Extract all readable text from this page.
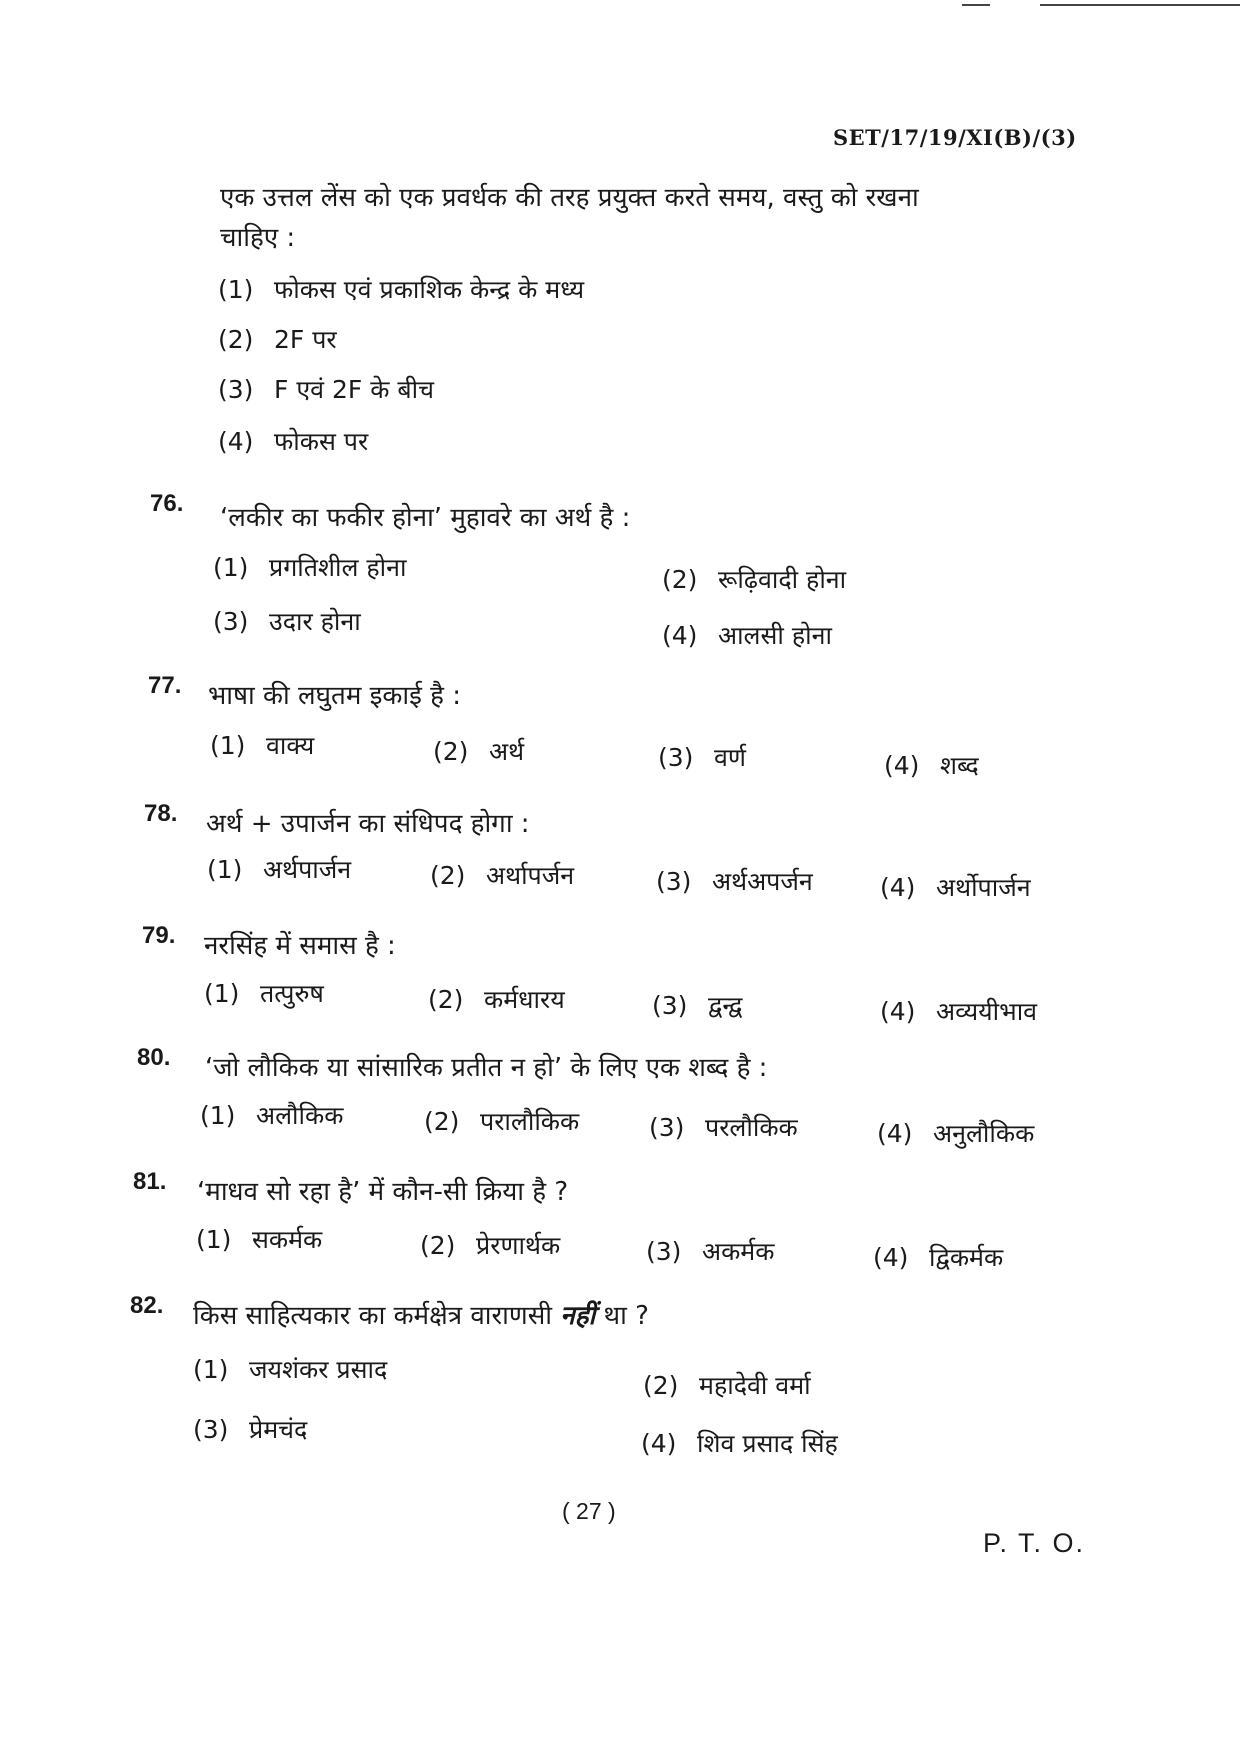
SET/17/19/XI(B)/(3)
एक उत्तल लेंस को एक प्रवर्धक की तरह प्रयुक्त करते समय, वस्तु को रखना
चाहिए :
(1) फोकस एवं प्रकाशिक केन्द्र के मध्य
(2) 2F पर
(3) F एवं 2F के बीच
(4) फोकस पर
76. ‘लकीर का फकीर होना’ मुहावरे का अर्थ है :
(1) प्रगतिशील होना	(2) रूढ़िवादी होना
(3) उदार होना	(4) आलसी होना
77. भाषा की लघुतम इकाई है :
(1) वाक्य	(2) अर्थ	(3) वर्ण	(4) शब्द
78. अर्थ + उपार्जन का संधिपद होगा :
(1) अर्थपार्जन	(2) अर्थापर्जन	(3) अर्थअपर्जन	(4) अर्थोपार्जन
79. नरसिंह में समास है :
(1) तत्पुरुष	(2) कर्मधारय	(3) द्वन्द्व	(4) अव्ययीभाव
80. ‘जो लौकिक या सांसारिक प्रतीत न हो’ के लिए एक शब्द है :
(1) अलौकिक	(2) परालौकिक	(3) परलौकिक	(4) अनुलौकिक
81. ‘माधव सो रहा है’ में कौन-सी क्रिया है ?
(1) सकर्मक	(2) प्रेरणार्थक	(3) अकर्मक	(4) द्विकर्मक
82. किस साहित्यकार का कर्मक्षेत्र वाराणसी नहीं था ?
(1) जयशंकर प्रसाद
(2) महादेवी वर्मा
(3) प्रेमचंद	(4) शिव प्रसाद सिंह
( 27 )
P. T. O.
